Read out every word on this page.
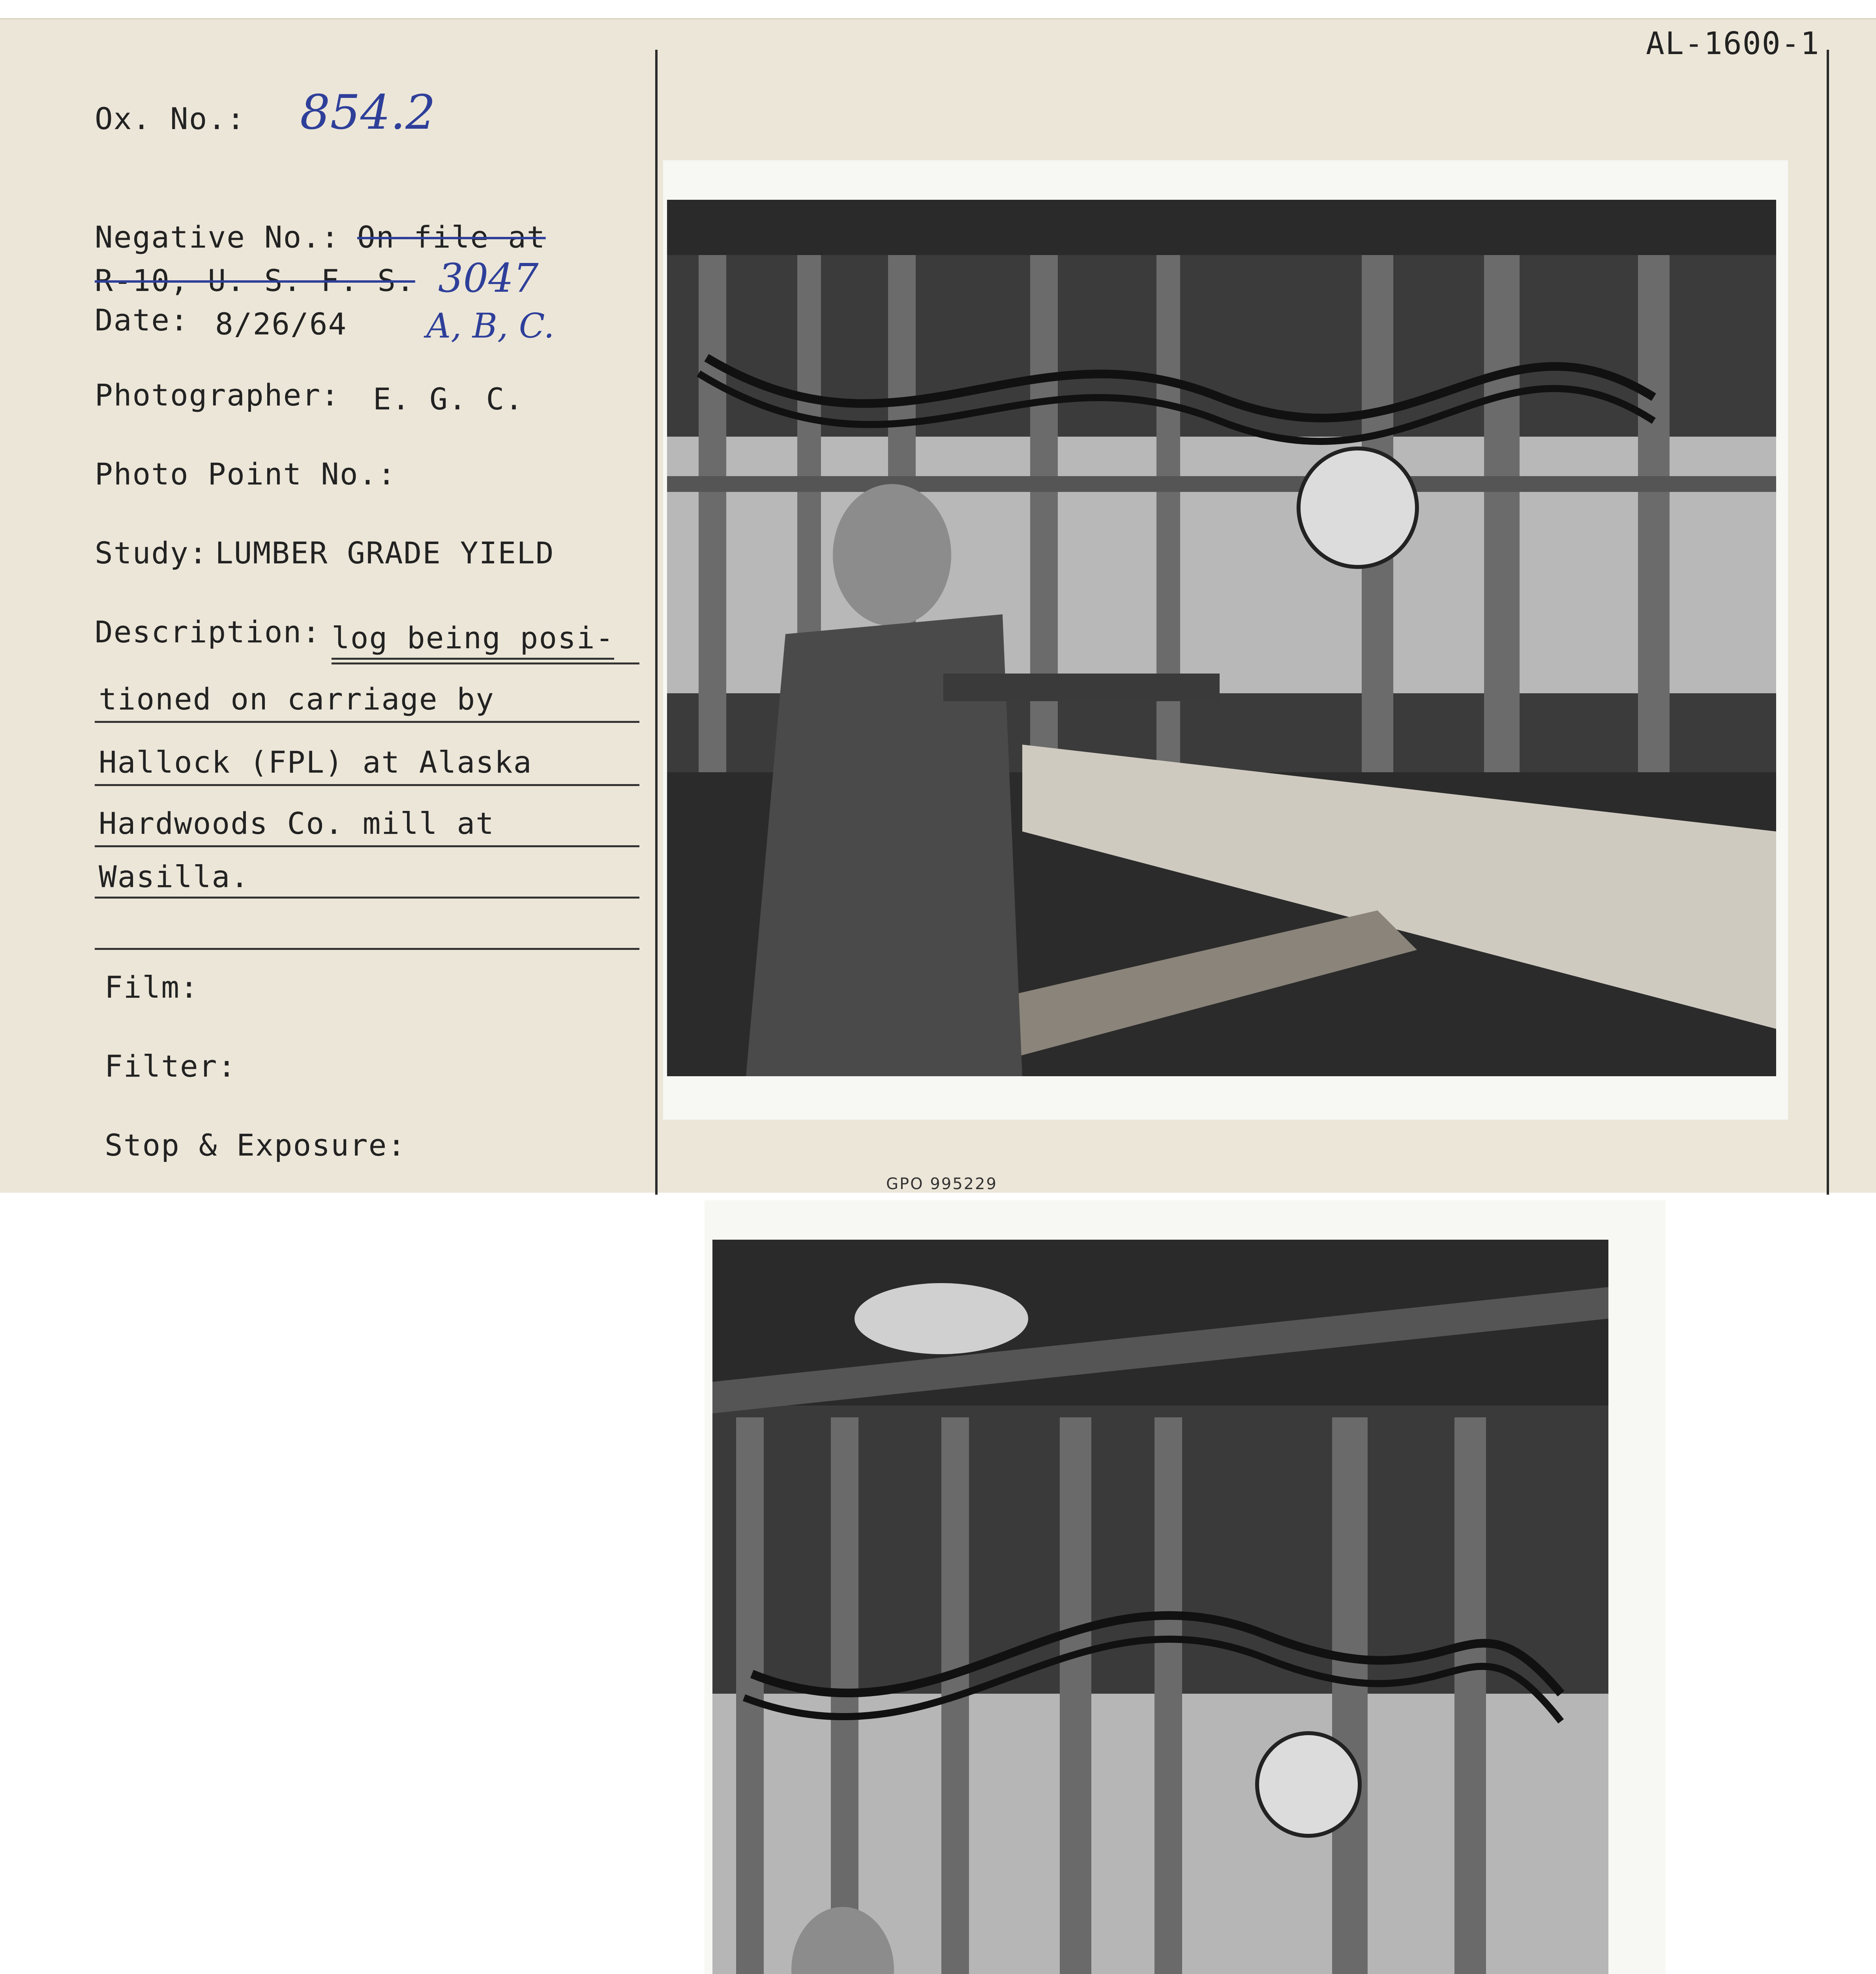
AL-1600-1
Ox. No.: 854.2
Negative No.: On file at
R-10, U. S. F. S. 3047
Date: 8/26/64 A, B, C.
Photographer: E. G. C.
Photo Point No.:
Study: LUMBER GRADE YIELD
Description: log being posi-
tioned on carriage by
Hallock (FPL) at Alaska
Hardwoods Co. mill at
Wasilla.
Film:
Filter:
Stop & Exposure:
GPO 995229
